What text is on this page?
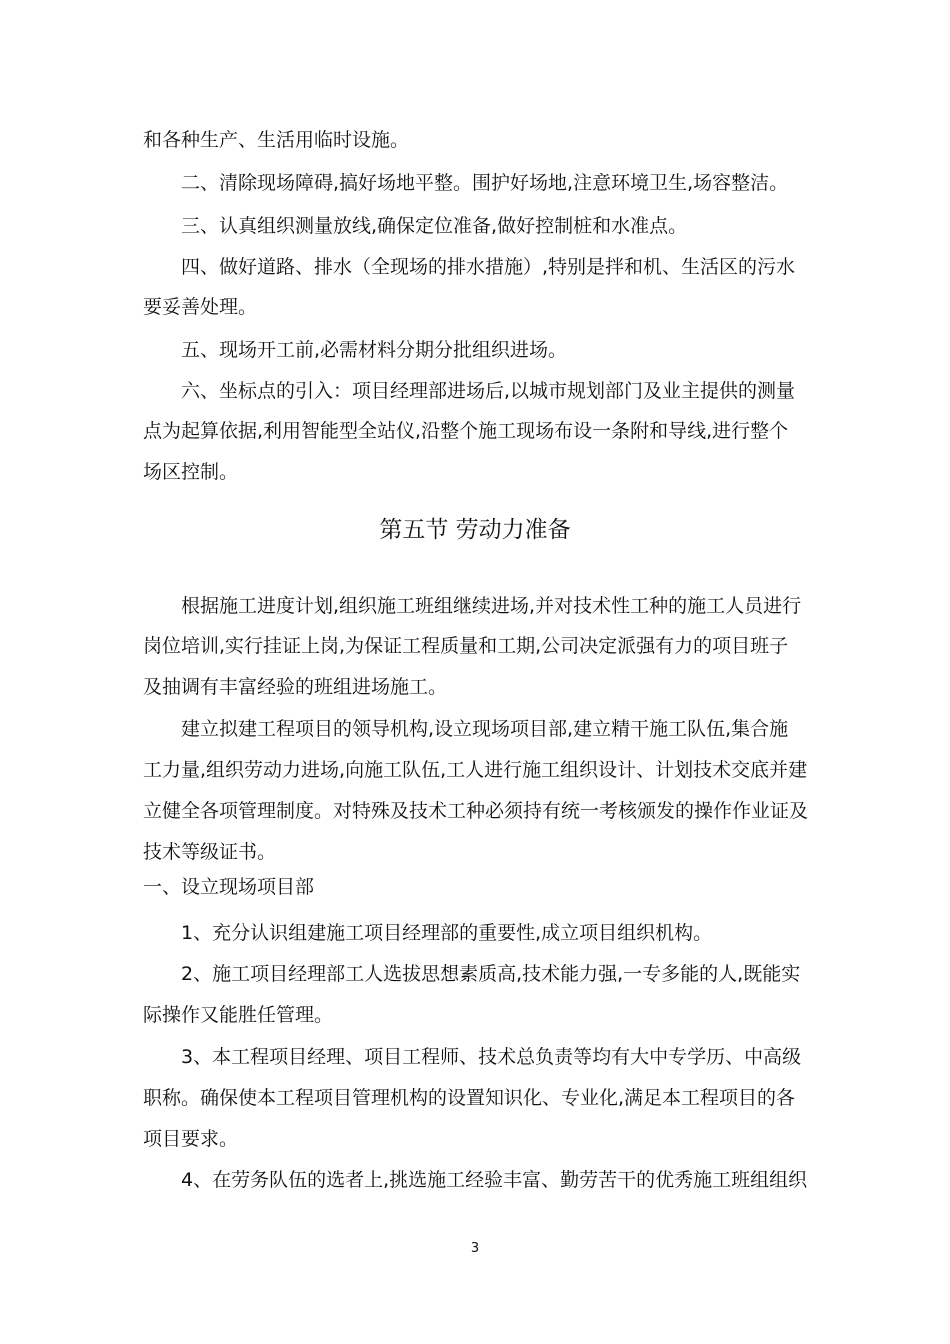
和各种生产、生活用临时设施。

二、清除现场障碍,搞好场地平整。围护好场地,注意环境卫生,场容整洁。

三、认真组织测量放线,确保定位准备,做好控制桩和水准点。

四、做好道路、排水（全现场的排水措施）,特别是拌和机、生活区的污水

要妥善处理。

五、现场开工前,必需材料分期分批组织进场。

六、坐标点的引入：项目经理部进场后,以城市规划部门及业主提供的测量

点为起算依据,利用智能型全站仪,沿整个施工现场布设一条附和导线,进行整个

场区控制。

第五节 劳动力准备

根据施工进度计划,组织施工班组继续进场,并对技术性工种的施工人员进行

岗位培训,实行挂证上岗,为保证工程质量和工期,公司决定派强有力的项目班子

及抽调有丰富经验的班组进场施工。

建立拟建工程项目的领导机构,设立现场项目部,建立精干施工队伍,集合施

工力量,组织劳动力进场,向施工队伍,工人进行施工组织设计、计划技术交底并建

立健全各项管理制度。对特殊及技术工种必须持有统一考核颁发的操作作业证及

技术等级证书。

一、设立现场项目部

1、充分认识组建施工项目经理部的重要性,成立项目组织机构。

2、施工项目经理部工人选拔思想素质高,技术能力强,一专多能的人,既能实

际操作又能胜任管理。

3、本工程项目经理、项目工程师、技术总负责等均有大中专学历、中高级

职称。确保使本工程项目管理机构的设置知识化、专业化,满足本工程项目的各

项目要求。

4、在劳务队伍的选者上,挑选施工经验丰富、勤劳苦干的优秀施工班组组织

3
